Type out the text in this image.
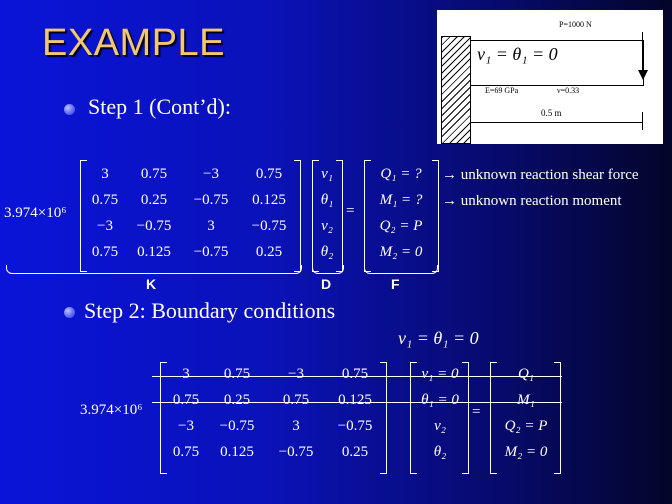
EXAMPLE	P=1000 N
v₁ = θ₁ = 0
E=69 GPa	ν=0.33
0.5 m
Step 1 (Cont’d):
3.974×10⁶
3	0.75	−3	0.75
0.75	0.25	−0.75	0.125
−3	−0.75	3	−0.75
0.75	0.125	−0.75	0.25
v₁
θ₁
v₂
θ₂
=
Q₁ = ?
M₁ = ?
Q₂ = P
M₂ = 0
→ unknown reaction shear force
→ unknown reaction moment
K	D	F
Step 2: Boundary conditions
v₁ = θ₁ = 0
3.974×10⁶
3	0.75	−3	0.75
0.75	0.25	0.75	0.125
−3	−0.75	3	−0.75
0.75	0.125	−0.75	0.25
v₁ = 0
θ₁ = 0
v₂
θ₂
=
Q₁
M₁
Q₂ = P
M₂ = 0
